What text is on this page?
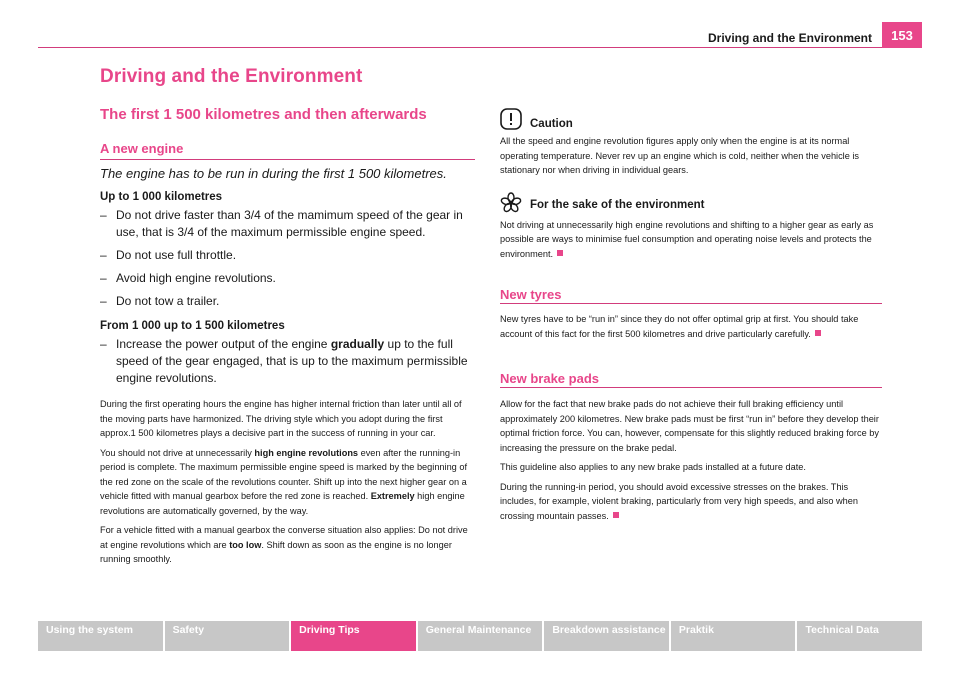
Driving and the Environment	153
Driving and the Environment
The first 1 500 kilometres and then afterwards
A new engine

The engine has to be run in during the first 1 500 kilometres.

Up to 1 000 kilometres

– Do not drive faster than 3/4 of the mamimum speed of the gear in use, that is 3/4 of the maximum permissible engine speed.
– Do not use full throttle.
– Avoid high engine revolutions.
– Do not tow a trailer.

From 1 000 up to 1 500 kilometres

– Increase the power output of the engine gradually up to the full speed of the gear engaged, that is up to the maximum permissible engine revolutions.

During the first operating hours the engine has higher internal friction than later until all of the moving parts have harmonized. The driving style which you adopt during the first approx.1 500 kilometres plays a decisive part in the success of running in your car.

You should not drive at unnecessarily high engine revolutions even after the running-in period is complete. The maximum permissible engine speed is marked by the beginning of the red zone on the scale of the revolutions counter. Shift up into the next higher gear on a vehicle fitted with manual gearbox before the red zone is reached. Extremely high engine revolutions are automatically governed, by the way.

For a vehicle fitted with a manual gearbox the converse situation also applies: Do not drive at engine revolutions which are too low. Shift down as soon as the engine is no longer running smoothly.

Caution

All the speed and engine revolution figures apply only when the engine is at its normal operating temperature. Never rev up an engine which is cold, neither when the vehicle is stationary nor when driving in individual gears.

For the sake of the environment

Not driving at unnecessarily high engine revolutions and shifting to a higher gear as early as possible are ways to minimise fuel consumption and operating noise levels and protects the environment.

New tyres

New tyres have to be “run in” since they do not offer optimal grip at first. You should take account of this fact for the first 500 kilometres and drive particularly carefully.

New brake pads

Allow for the fact that new brake pads do not achieve their full braking efficiency until approximately 200 kilometres. New brake pads must be first “run in” before they develop their optimal friction force. You can, however, compensate for this slightly reduced braking force by increasing the pressure on the brake pedal.

This guideline also applies to any new brake pads installed at a future date.

During the running-in period, you should avoid excessive stresses on the brakes. This includes, for example, violent braking, particularly from very high speeds, and also when crossing mountain passes.

Using the system	Safety	Driving Tips	General Maintenance	Breakdown assistance	Praktik	Technical Data
